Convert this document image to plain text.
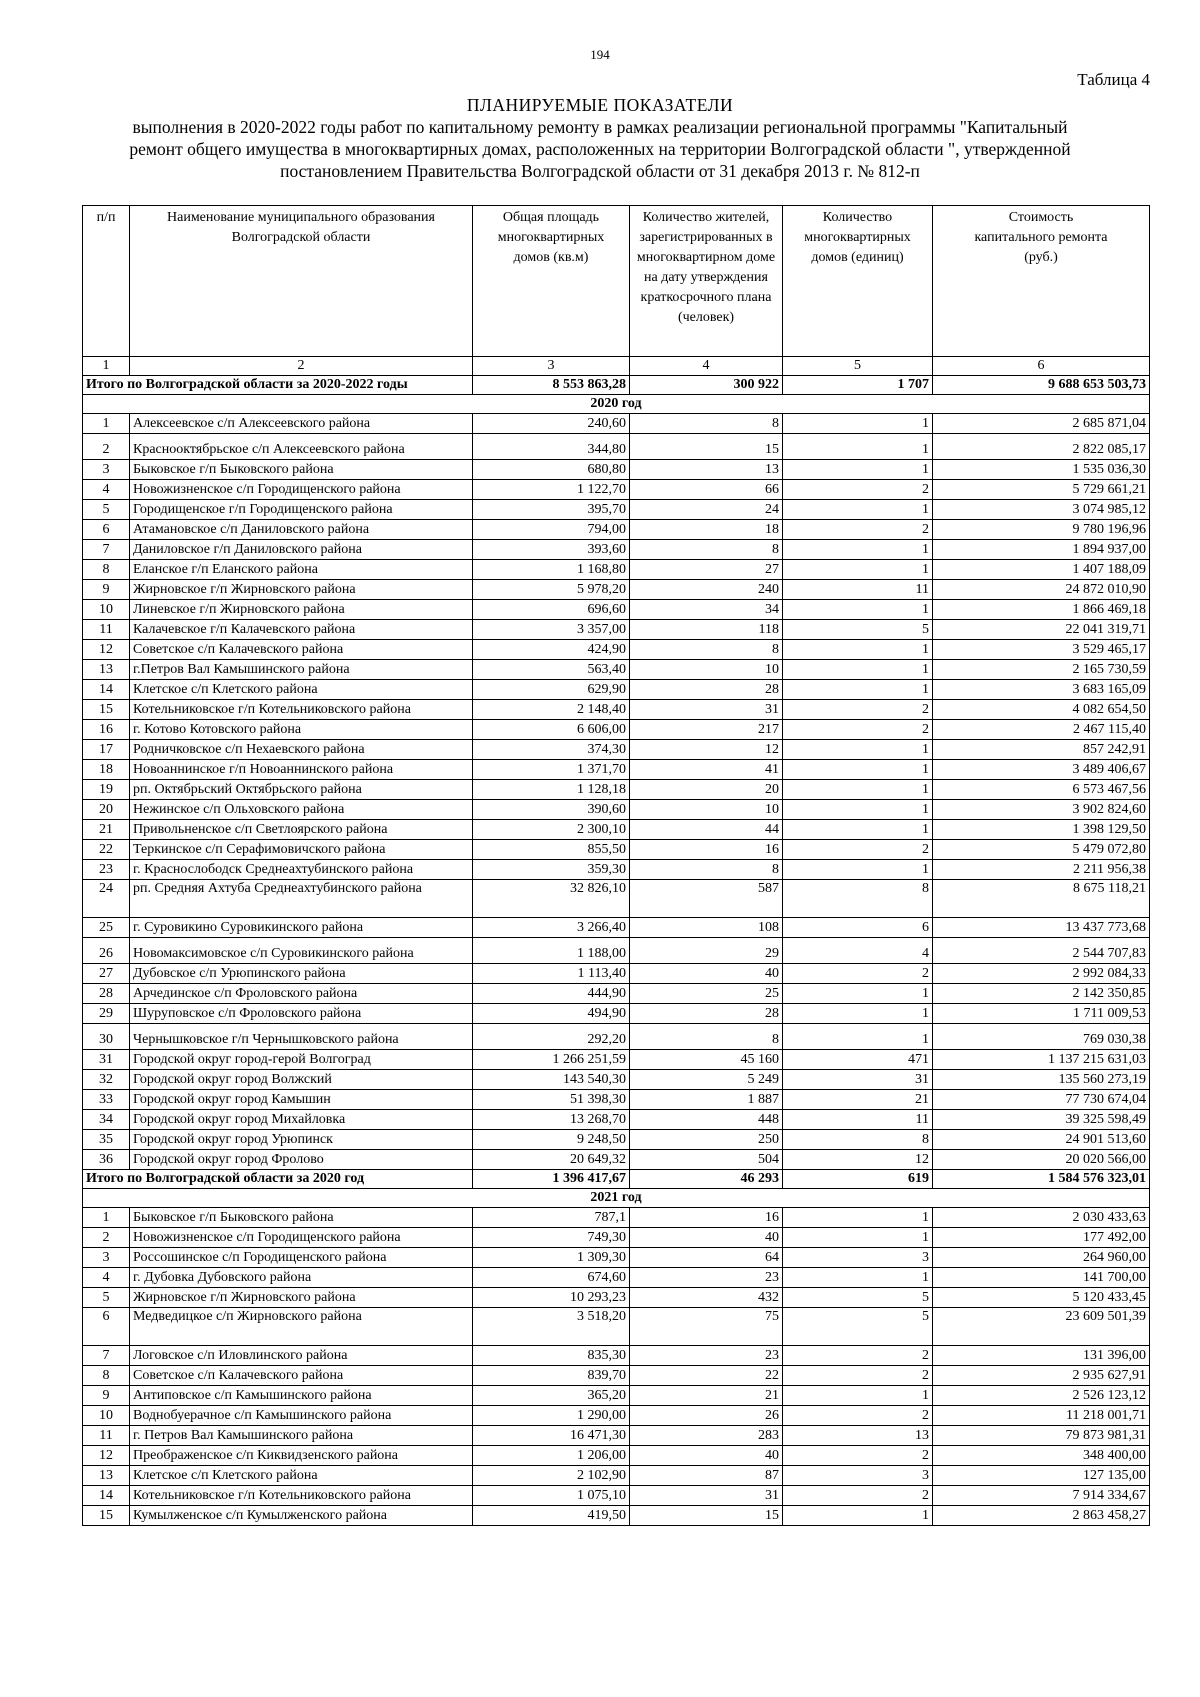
194
Таблица 4
ПЛАНИРУЕМЫЕ ПОКАЗАТЕЛИ
выполнения в 2020-2022 годы работ по капитальному ремонту в рамках реализации региональной программы "Капитальный
ремонт общего имущества в многоквартирных домах, расположенных на территории Волгоградской области ", утвержденной
постановлением Правительства Волгоградской области от 31 декабря 2013 г. № 812-п
п/п	Наименование муниципального образования Волгоградской области	Общая площадь многоквартирных домов (кв.м)	Количество жителей, зарегистрированных в многоквартирном доме на дату утверждения краткосрочного плана (человек)	Количество многоквартирных домов (единиц)	Стоимость капитального ремонта (руб.)
1	2	3	4	5	6
Итого по Волгоградской области за 2020-2022 годы		8 553 863,28	300 922	1 707	9 688 653 503,73
2020 год					
1	Алексеевское с/п Алексеевского района	240,60	8	1	2 685 871,04
2	Краснооктябрьское с/п Алексеевского района	344,80	15	1	2 822 085,17
3	Быковское г/п Быковского района	680,80	13	1	1 535 036,30
4	Новожизненское с/п Городищенского района	1 122,70	66	2	5 729 661,21
5	Городищенское г/п Городищенского района	395,70	24	1	3 074 985,12
6	Атамановское с/п Даниловского района	794,00	18	2	9 780 196,96
7	Даниловское г/п Даниловского района	393,60	8	1	1 894 937,00
8	Еланское г/п Еланского района	1 168,80	27	1	1 407 188,09
9	Жирновское г/п Жирновского района	5 978,20	240	11	24 872 010,90
10	Линевское г/п Жирновского района	696,60	34	1	1 866 469,18
11	Калачевское г/п Калачевского района	3 357,00	118	5	22 041 319,71
12	Советское с/п Калачевского района	424,90	8	1	3 529 465,17
13	г.Петров Вал Камышинского района	563,40	10	1	2 165 730,59
14	Клетское с/п Клетского района	629,90	28	1	3 683 165,09
15	Котельниковское г/п Котельниковского района	2 148,40	31	2	4 082 654,50
16	г. Котово Котовского района	6 606,00	217	2	2 467 115,40
17	Родничковское с/п Нехаевского района	374,30	12	1	857 242,91
18	Новоаннинское г/п Новоаннинского района	1 371,70	41	1	3 489 406,67
19	рп. Октябрьский Октябрьского района	1 128,18	20	1	6 573 467,56
20	Нежинское с/п Ольховского района	390,60	10	1	3 902 824,60
21	Привольненское с/п Светлоярского района	2 300,10	44	1	1 398 129,50
22	Теркинское с/п Серафимовичского района	855,50	16	2	5 479 072,80
23	г. Краснослободск Среднеахтубинского района	359,30	8	1	2 211 956,38
24	рп. Средняя Ахтуба Среднеахтубинского района	32 826,10	587	8	8 675 118,21
25	г. Суровикино Суровикинского района	3 266,40	108	6	13 437 773,68
26	Новомаксимовское с/п Суровикинского района	1 188,00	29	4	2 544 707,83
27	Дубовское с/п Урюпинского района	1 113,40	40	2	2 992 084,33
28	Арчединское с/п Фроловского района	444,90	25	1	2 142 350,85
29	Шуруповское с/п Фроловского района	494,90	28	1	1 711 009,53
30	Чернышковское г/п Чернышковского района	292,20	8	1	769 030,38
31	Городской округ город-герой Волгоград	1 266 251,59	45 160	471	1 137 215 631,03
32	Городской округ город Волжский	143 540,30	5 249	31	135 560 273,19
33	Городской округ город Камышин	51 398,30	1 887	21	77 730 674,04
34	Городской округ город Михайловка	13 268,70	448	11	39 325 598,49
35	Городской округ город Урюпинск	9 248,50	250	8	24 901 513,60
36	Городской округ город Фролово	20 649,32	504	12	20 020 566,00
Итого по Волгоградской области за 2020 год		1 396 417,67	46 293	619	1 584 576 323,01
2021 год					
1	Быковское г/п Быковского района	787,1	16	1	2 030 433,63
2	Новожизненское с/п Городищенского района	749,30	40	1	177 492,00
3	Россошинское с/п Городищенского района	1 309,30	64	3	264 960,00
4	г. Дубовка Дубовского района	674,60	23	1	141 700,00
5	Жирновское г/п Жирновского района	10 293,23	432	5	5 120 433,45
6	Медведицкое с/п Жирновского района	3 518,20	75	5	23 609 501,39
7	Логовское с/п Иловлинского района	835,30	23	2	131 396,00
8	Советское с/п Калачевского района	839,70	22	2	2 935 627,91
9	Антиповское с/п Камышинского района	365,20	21	1	2 526 123,12
10	Воднобуерачное с/п Камышинского района	1 290,00	26	2	11 218 001,71
11	г. Петров Вал Камышинского района	16 471,30	283	13	79 873 981,31
12	Преображенское с/п Киквидзенского района	1 206,00	40	2	348 400,00
13	Клетское с/п Клетского района	2 102,90	87	3	127 135,00
14	Котельниковское г/п Котельниковского района	1 075,10	31	2	7 914 334,67
15	Кумылженское с/п Кумылженского района	419,50	15	1	2 863 458,27
